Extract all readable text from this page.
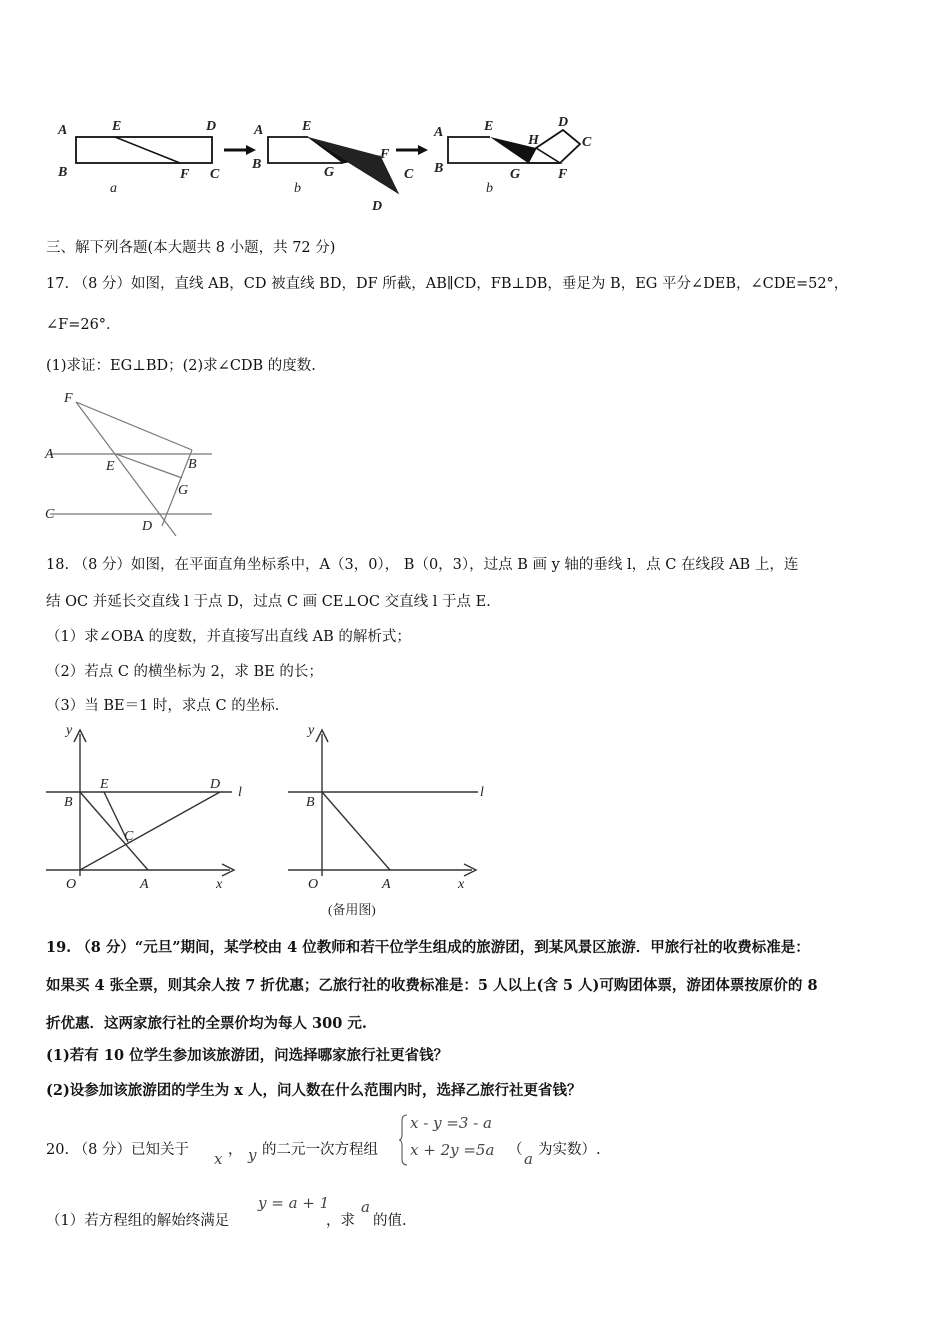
A	E	D
B	F C
a
A	E
B
F
G	C
D
b
A	E
H
D
C
B	G	F
b
三、解下列各题(本大题共 8 小题，共 72 分)
17. （8 分）如图，直线 AB，CD 被直线 BD，DF 所截，AB∥CD，FB⊥DB，垂足为 B，EG 平分∠DEB，∠CDE=52°，
∠F=26°．
(1)求证：EG⊥BD；(2)求∠CDB 的度数.
F
A
E	B
G
C
D
18. （8 分）如图，在平面直角坐标系中，A（3，0）， B（0，3），过点 B 画 y 轴的垂线 l，点 C 在线段 AB 上，连
结 OC 并延长交直线 l 于点 D，过点 C 画 CE⊥OC 交直线 l 于点 E.
（1）求∠OBA 的度数，并直接写出直线 AB 的解析式；
（2）若点 C 的横坐标为 2，求 BE 的长；
（3）当 BE＝1 时，求点 C 的坐标.
y
E	D
l
B
C
O	A	x
y
l
B
O	A	x
(备用图)
19. （8 分）“元旦”期间，某学校由 4 位教师和若干位学生组成的旅游团，到某风景区旅游．甲旅行社的收费标准是：
如果买 4 张全票，则其余人按 7 折优惠；乙旅行社的收费标准是：5 人以上(含 5 人)可购团体票，游团体票按原价的 8
折优惠．这两家旅行社的全票价均为每人 300 元.
(1)若有 10 位学生参加该旅游团，问选择哪家旅行社更省钱？
(2)设参加该旅游团的学生为 x 人，问人数在什么范围内时，选择乙旅行社更省钱？
20. （8 分）已知关于 x ， y 的二元一次方程组
x - y =3 - a
x + 2y =5a （ a 为实数）.
（1）若方程组的解始终满足
y = a + 1
，求
a
的值.
